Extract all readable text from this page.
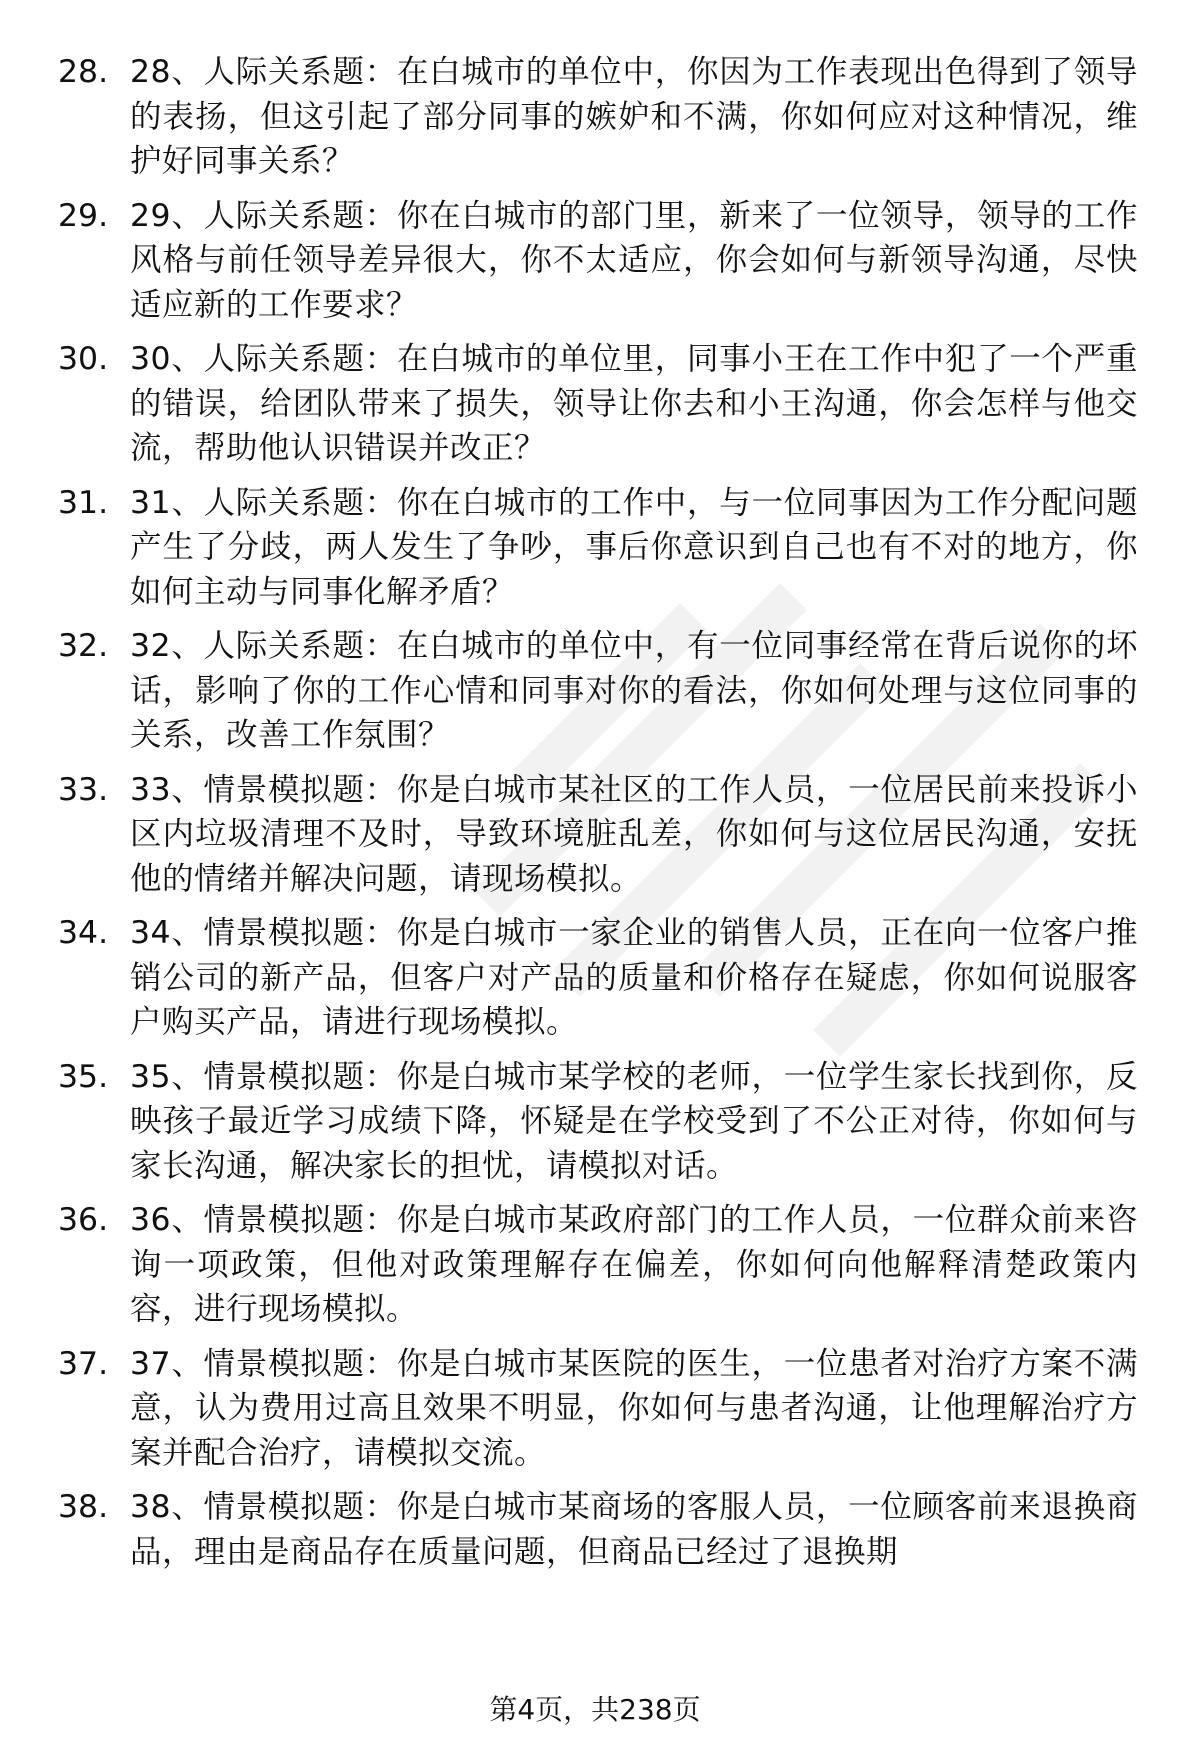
28. 28、人际关系题：在白城市的单位中，你因为工作表现出色得到了领导的表扬，但这引起了部分同事的嫉妒和不满，你如何应对这种情况，维护好同事关系？
29. 29、人际关系题：你在白城市的部门里，新来了一位领导，领导的工作风格与前任领导差异很大，你不太适应，你会如何与新领导沟通，尽快适应新的工作要求？
30. 30、人际关系题：在白城市的单位里，同事小王在工作中犯了一个严重的错误，给团队带来了损失，领导让你去和小王沟通，你会怎样与他交流，帮助他认识错误并改正？
31. 31、人际关系题：你在白城市的工作中，与一位同事因为工作分配问题产生了分歧，两人发生了争吵，事后你意识到自己也有不对的地方，你如何主动与同事化解矛盾？
32. 32、人际关系题：在白城市的单位中，有一位同事经常在背后说你的坏话，影响了你的工作心情和同事对你的看法，你如何处理与这位同事的关系，改善工作氛围？
33. 33、情景模拟题：你是白城市某社区的工作人员，一位居民前来投诉小区内垃圾清理不及时，导致环境脏乱差，你如何与这位居民沟通，安抚他的情绪并解决问题，请现场模拟。
34. 34、情景模拟题：你是白城市一家企业的销售人员，正在向一位客户推销公司的新产品，但客户对产品的质量和价格存在疑虑，你如何说服客户购买产品，请进行现场模拟。
35. 35、情景模拟题：你是白城市某学校的老师，一位学生家长找到你，反映孩子最近学习成绩下降，怀疑是在学校受到了不公正对待，你如何与家长沟通，解决家长的担忧，请模拟对话。
36. 36、情景模拟题：你是白城市某政府部门的工作人员，一位群众前来咨询一项政策，但他对政策理解存在偏差，你如何向他解释清楚政策内容，进行现场模拟。
37. 37、情景模拟题：你是白城市某医院的医生，一位患者对治疗方案不满意，认为费用过高且效果不明显，你如何与患者沟通，让他理解治疗方案并配合治疗，请模拟交流。
38. 38、情景模拟题：你是白城市某商场的客服人员，一位顾客前来退换商品，理由是商品存在质量问题，但商品已经过了退换期
第4页，共238页
